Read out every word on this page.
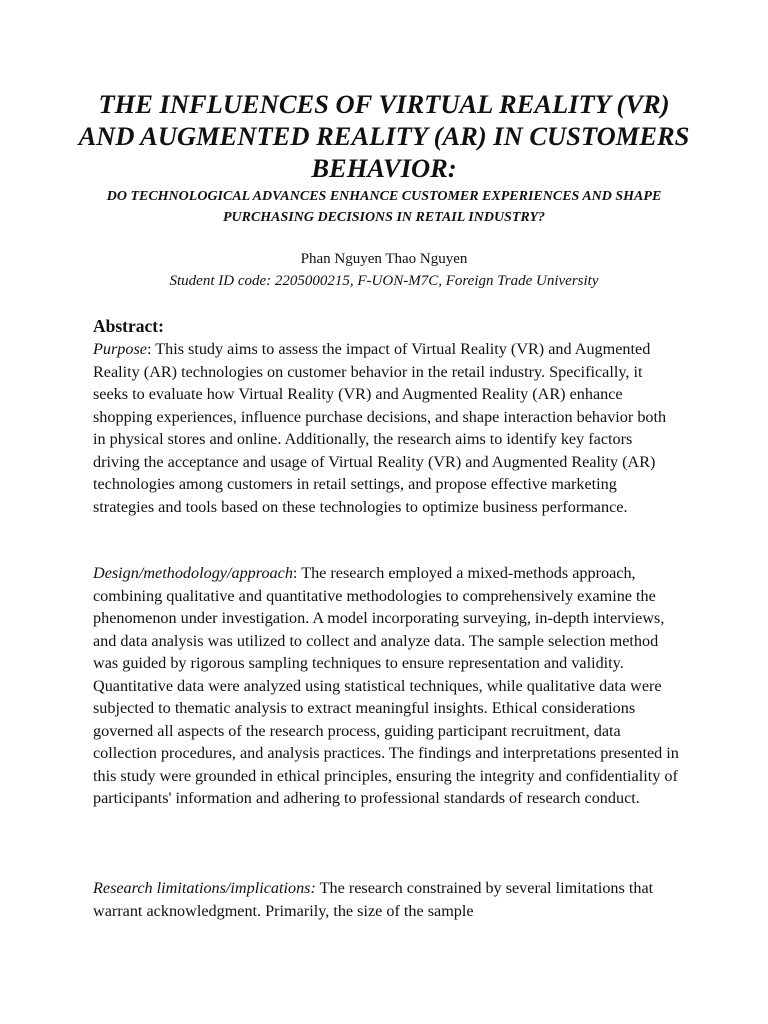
THE INFLUENCES OF VIRTUAL REALITY (VR) AND AUGMENTED REALITY (AR) IN CUSTOMERS BEHAVIOR:
DO TECHNOLOGICAL ADVANCES ENHANCE CUSTOMER EXPERIENCES AND SHAPE PURCHASING DECISIONS IN RETAIL INDUSTRY?

Phan Nguyen Thao Nguyen

Student ID code: 2205000215, F-UON-M7C, Foreign Trade University

Abstract:

Purpose: This study aims to assess the impact of Virtual Reality (VR) and Augmented Reality (AR) technologies on customer behavior in the retail industry. Specifically, it seeks to evaluate how Virtual Reality (VR) and Augmented Reality (AR) enhance shopping experiences, influence purchase decisions, and shape interaction behavior both in physical stores and online. Additionally, the research aims to identify key factors driving the acceptance and usage of Virtual Reality (VR) and Augmented Reality (AR) technologies among customers in retail settings, and propose effective marketing strategies and tools based on these technologies to optimize business performance.

Design/methodology/approach: The research employed a mixed-methods approach, combining qualitative and quantitative methodologies to comprehensively examine the phenomenon under investigation. A model incorporating surveying, in-depth interviews, and data analysis was utilized to collect and analyze data. The sample selection method was guided by rigorous sampling techniques to ensure representation and validity. Quantitative data were analyzed using statistical techniques, while qualitative data were subjected to thematic analysis to extract meaningful insights. Ethical considerations governed all aspects of the research process, guiding participant recruitment, data collection procedures, and analysis practices. The findings and interpretations presented in this study were grounded in ethical principles, ensuring the integrity and confidentiality of participants' information and adhering to professional standards of research conduct.

Research limitations/implications: The research constrained by several limitations that warrant acknowledgment. Primarily, the size of the sample
